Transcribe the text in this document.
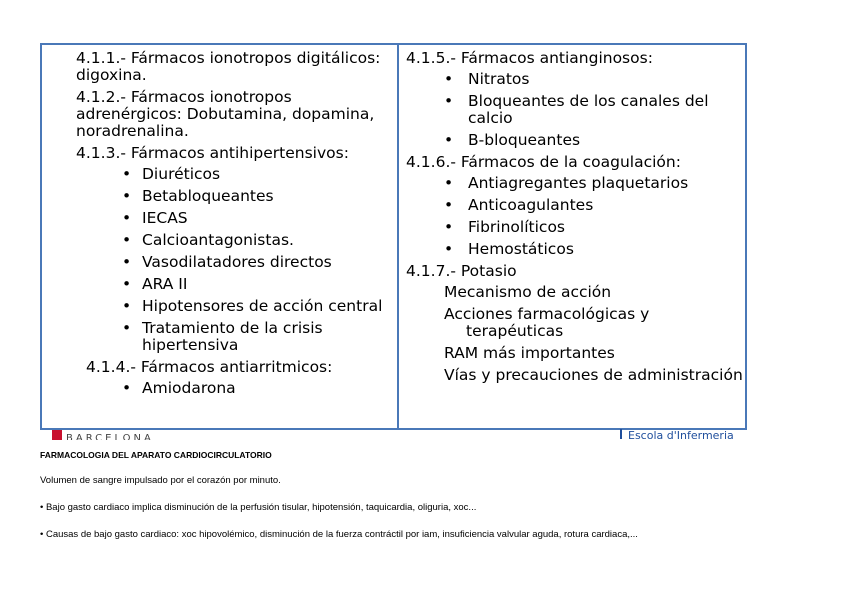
4.1.1.- Fármacos ionotropos digitálicos: digoxina.
4.1.2.- Fármacos ionotropos adrenérgicos: Dobutamina, dopamina, noradrenalina.
4.1.3.- Fármacos antihipertensivos:
• Diuréticos
• Betabloqueantes
• IECAS
• Calcioantagonistas.
• Vasodilatadores directos
• ARA II
• Hipotensores de acción central
• Tratamiento de la crisis hipertensiva
4.1.4.- Fármacos antiarritmicos:
• Amiodarona
4.1.5.- Fármacos antianginosos:
• Nitratos
• Bloqueantes de los canales del calcio
• B-bloqueantes
4.1.6.- Fármacos de la coagulación:
• Antiagregantes plaquetarios
• Anticoagulantes
• Fibrinolíticos
• Hemostáticos
4.1.7.- Potasio
Mecanismo de acción
Acciones farmacológicas y
terapéuticas
RAM más importantes
Vías y precauciones de administración
BARCELONA	Escola d'Infermeria
FARMACOLOGIA DEL APARATO CARDIOCIRCULATORIO

Volumen de sangre impulsado por el corazón por minuto.

• Bajo gasto cardiaco implica disminución de la perfusión tisular, hipotensión, taquicardia, oliguria, xoc...

• Causas de bajo gasto cardiaco: xoc hipovolémico, disminución de la fuerza contráctil por iam, insuficiencia valvular aguda, rotura cardiaca,...
